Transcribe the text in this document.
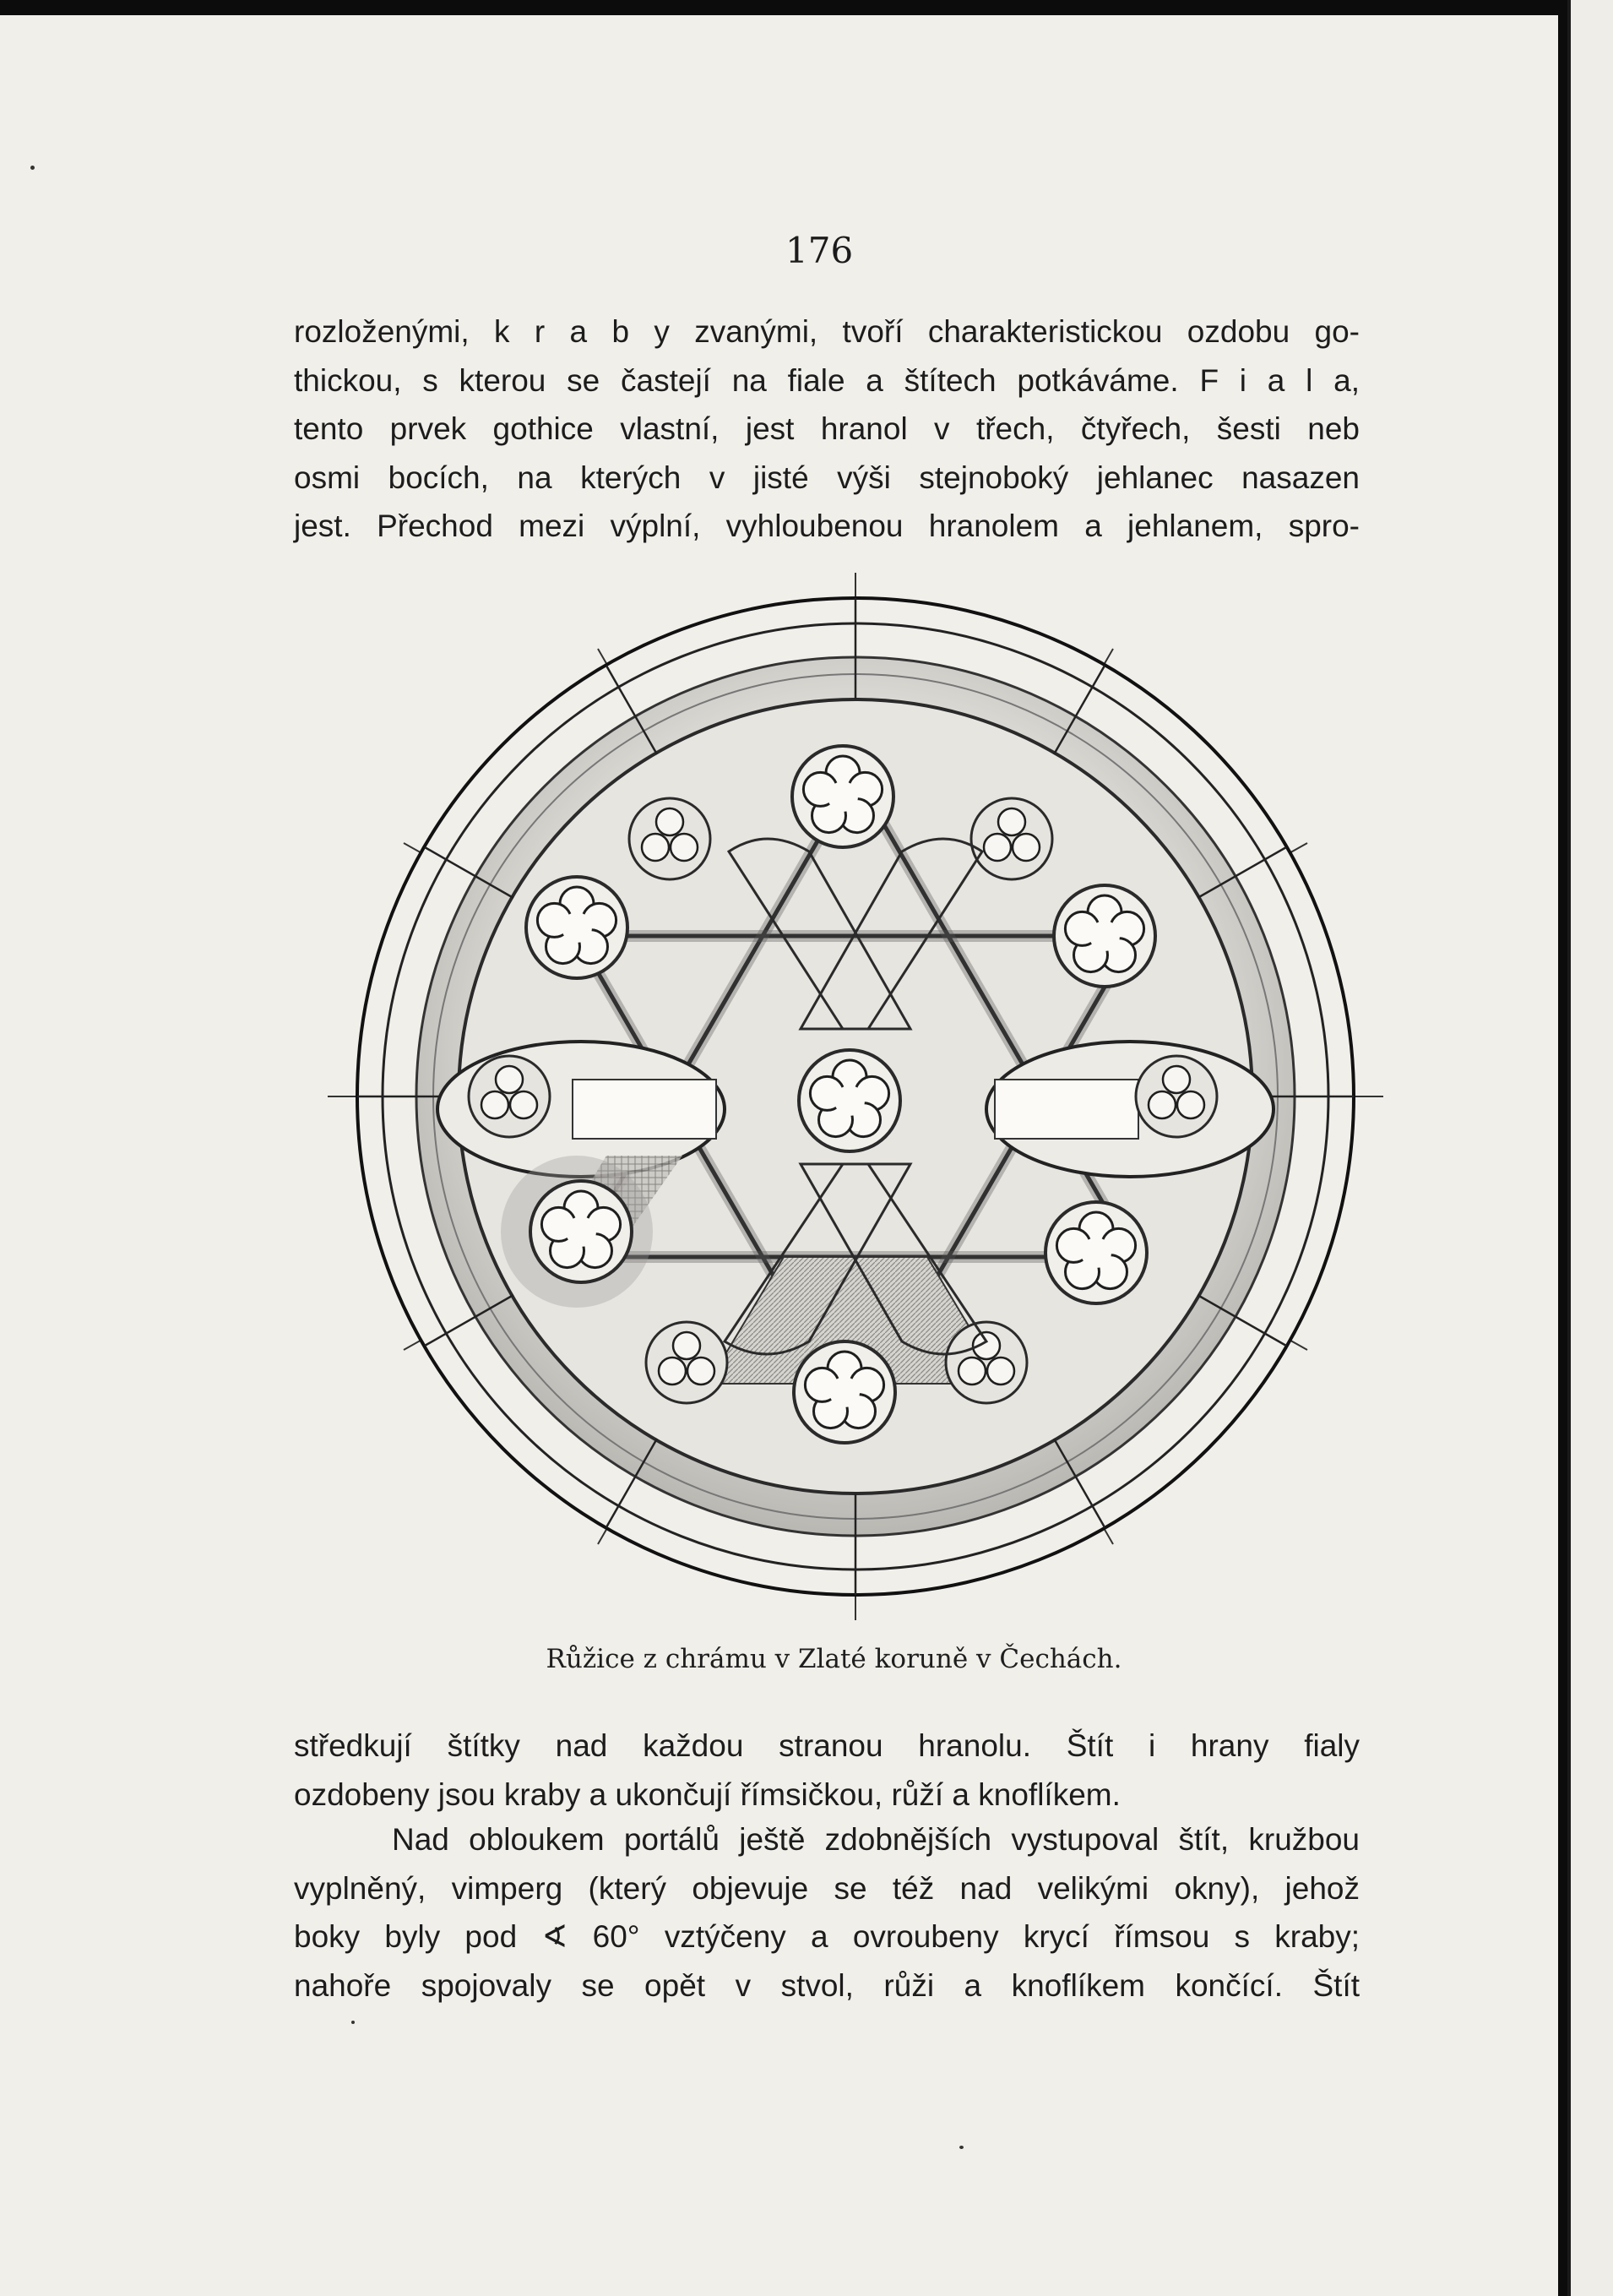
176
rozloženými, k r a b y zvanými, tvoří charakteristickou ozdobu go-
thickou, s kterou se častejí na fiale a štítech potkáváme. F i a l a,
tento prvek gothice vlastní, jest hranol v třech, čtyřech, šesti neb
osmi bocích, na kterých v jisté výši stejnoboký jehlanec nasazen
jest. Přechod mezi výplní, vyhloubenou hranolem a jehlanem, spro-
Růžice z chrámu v Zlaté koruně v Čechách.
středkují štítky nad každou stranou hranolu. Štít i hrany fialy
ozdobeny jsou kraby a ukončují římsičkou, růží a knoflíkem.
Nad obloukem portálů ještě zdobnějších vystupoval štít, kružbou
vyplněný, vimperg (který objevuje se též nad velikými okny), jehož
boky byly pod ∢ 60° vztýčeny a ovroubeny krycí římsou s kraby;
nahoře spojovaly se opět v stvol, růži a knoflíkem končící. Štít
